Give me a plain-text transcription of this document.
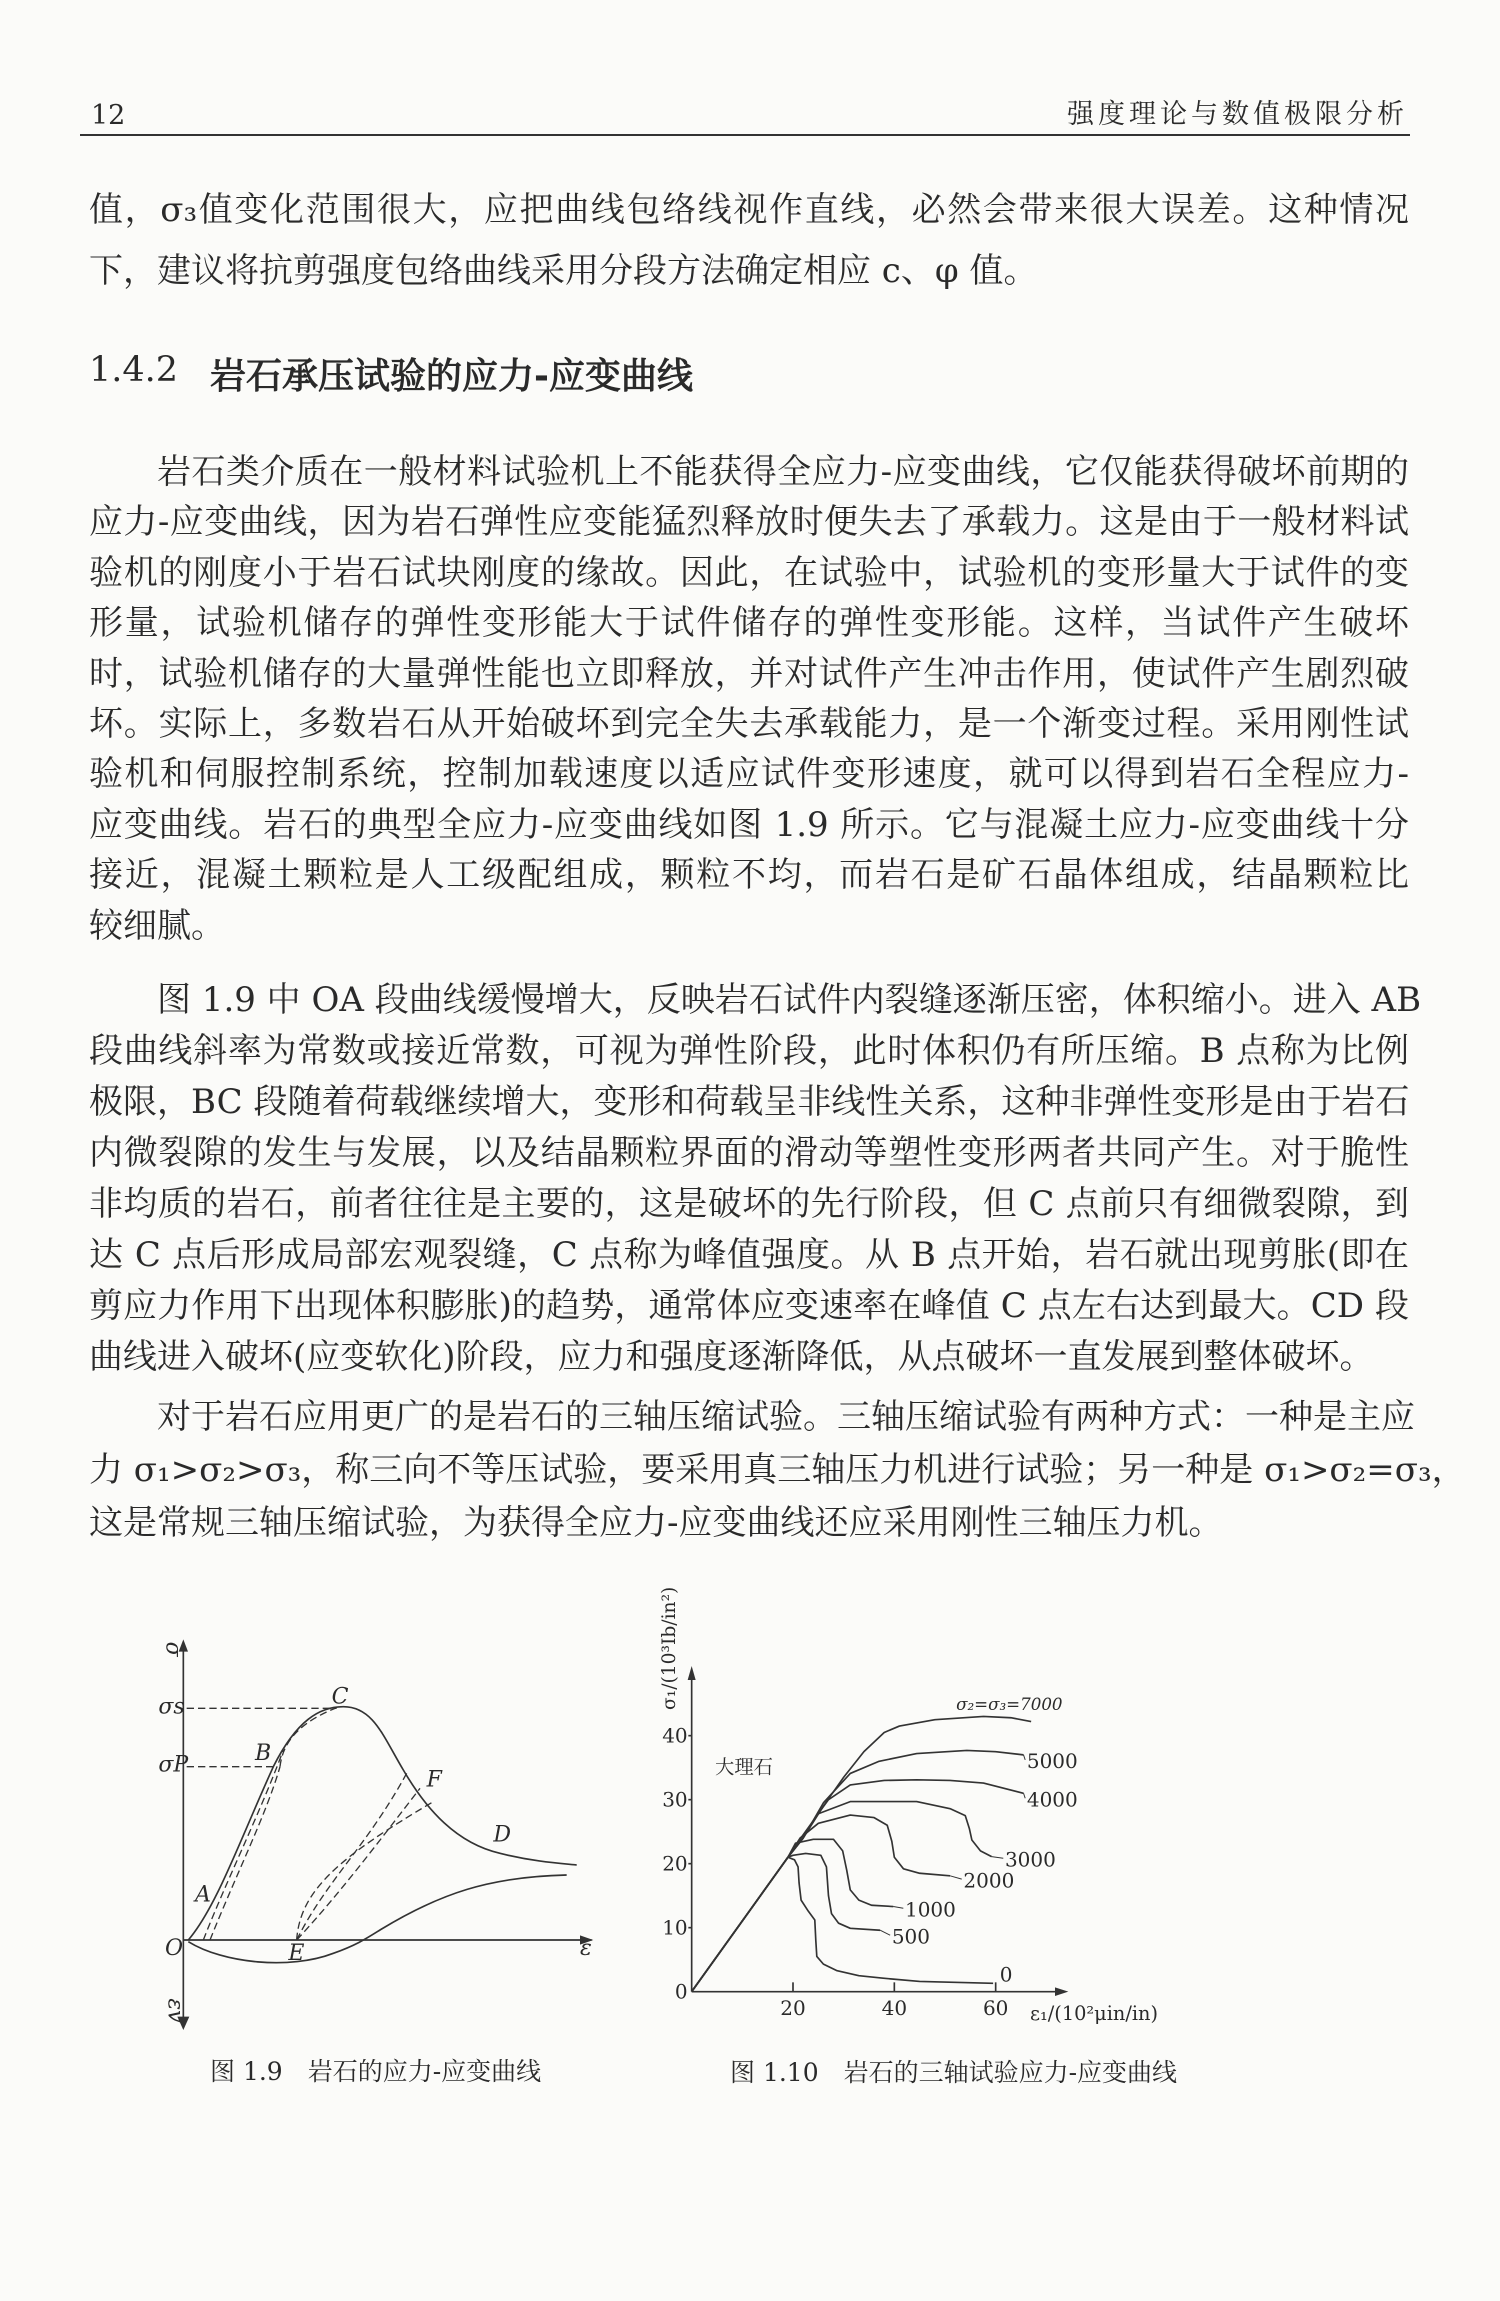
12	强度理论与数值极限分析
值，σ₃值变化范围很大，应把曲线包络线视作直线，必然会带来很大误差。这种情况
下，建议将抗剪强度包络曲线采用分段方法确定相应 c、φ 值。
1.4.2 岩石承压试验的应力-应变曲线
岩石类介质在一般材料试验机上不能获得全应力-应变曲线，它仅能获得破坏前期的
应力-应变曲线，因为岩石弹性应变能猛烈释放时便失去了承载力。这是由于一般材料试
验机的刚度小于岩石试块刚度的缘故。因此，在试验中，试验机的变形量大于试件的变
形量，试验机储存的弹性变形能大于试件储存的弹性变形能。这样，当试件产生破坏
时，试验机储存的大量弹性能也立即释放，并对试件产生冲击作用，使试件产生剧烈破
坏。实际上，多数岩石从开始破坏到完全失去承载能力，是一个渐变过程。采用刚性试
验机和伺服控制系统，控制加载速度以适应试件变形速度，就可以得到岩石全程应力-
应变曲线。岩石的典型全应力-应变曲线如图 1.9 所示。它与混凝土应力-应变曲线十分
接近，混凝土颗粒是人工级配组成，颗粒不均，而岩石是矿石晶体组成，结晶颗粒比
较细腻。
图 1.9 中 OA 段曲线缓慢增大，反映岩石试件内裂缝逐渐压密，体积缩小。进入 AB
段曲线斜率为常数或接近常数，可视为弹性阶段，此时体积仍有所压缩。B 点称为比例
极限，BC 段随着荷载继续增大，变形和荷载呈非线性关系，这种非弹性变形是由于岩石
内微裂隙的发生与发展，以及结晶颗粒界面的滑动等塑性变形两者共同产生。对于脆性
非均质的岩石，前者往往是主要的，这是破坏的先行阶段，但 C 点前只有细微裂隙，到
达 C 点后形成局部宏观裂缝，C 点称为峰值强度。从 B 点开始，岩石就出现剪胀(即在
剪应力作用下出现体积膨胀)的趋势，通常体应变速率在峰值 C 点左右达到最大。CD 段
曲线进入破坏(应变软化)阶段，应力和强度逐渐降低，从点破坏一直发展到整体破坏。
对于岩石应用更广的是岩石的三轴压缩试验。三轴压缩试验有两种方式：一种是主应
力 σ₁>σ₂>σ₃，称三向不等压试验，要采用真三轴压力机进行试验；另一种是 σ₁>σ₂=σ₃，
这是常规三轴压缩试验，为获得全应力-应变曲线还应采用刚性三轴压力机。
σ
σs
σP
C
B
A
F
D
O E	ε
εv
图 1.9　岩石的应力-应变曲线
20 40 60
0
10
20
30
40
σ₂=σ₃=7000
5000
4000
3000
2000
1000
500
0
大理石
ε₁/(10²μin/in)
σ₁/(10³Ib/in²)
图 1.10　岩石的三轴试验应力-应变曲线
